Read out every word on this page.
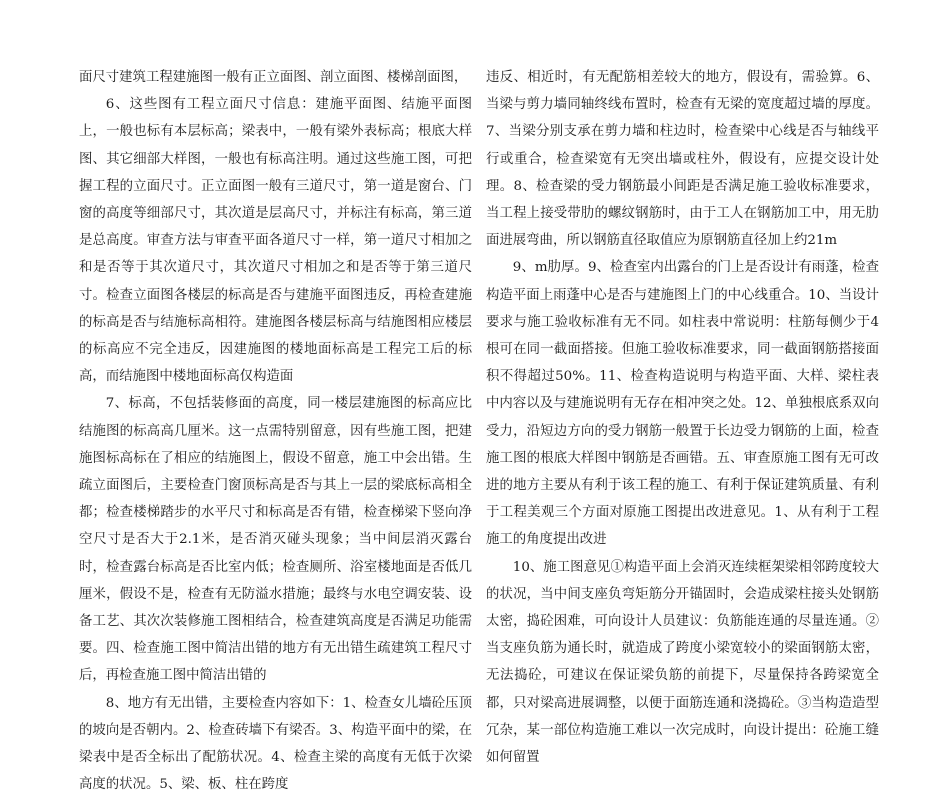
面尺寸建筑工程建施图一般有正立面图、剖立面图、楼梯剖面图，

6、这些图有工程立面尺寸信息：建施平面图、结施平面图上，一般也标有本层标高；梁表中，一般有梁外表标高；根底大样图、其它细部大样图，一般也有标高注明。通过这些施工图，可把握工程的立面尺寸。正立面图一般有三道尺寸，第一道是窗台、门窗的高度等细部尺寸，其次道是层高尺寸，并标注有标高，第三道是总高度。审查方法与审查平面各道尺寸一样，第一道尺寸相加之和是否等于其次道尺寸，其次道尺寸相加之和是否等于第三道尺寸。检查立面图各楼层的标高是否与建施平面图违反，再检查建施的标高是否与结施标高相符。建施图各楼层标高与结施图相应楼层的标高应不完全违反，因建施图的楼地面标高是工程完工后的标高，而结施图中楼地面标高仅构造面

7、标高，不包括装修面的高度，同一楼层建施图的标高应比结施图的标高高几厘米。这一点需特别留意，因有些施工图，把建施图标高标在了相应的结施图上，假设不留意，施工中会出错。生疏立面图后，主要检查门窗顶标高是否与其上一层的梁底标高相全都；检查楼梯踏步的水平尺寸和标高是否有错，检查梯梁下竖向净空尺寸是否大于2.1米，是否消灭碰头现象；当中间层消灭露台时，检查露台标高是否比室内低；检查厕所、浴室楼地面是否低几厘米，假设不是，检查有无防溢水措施；最终与水电空调安装、设备工艺、其次次装修施工图相结合，检查建筑高度是否满足功能需要。四、检查施工图中简洁出错的地方有无出错生疏建筑工程尺寸后，再检查施工图中简洁出错的

8、地方有无出错，主要检查内容如下：1、检查女儿墙砼压顶的坡向是否朝内。2、检查砖墙下有梁否。3、构造平面中的梁，在梁表中是否全标出了配筋状况。4、检查主梁的高度有无低于次梁高度的状况。5、梁、板、柱在跨度

违反、相近时，有无配筋相差较大的地方，假设有，需验算。6、当梁与剪力墙同轴终线布置时，检查有无梁的宽度超过墙的厚度。7、当梁分别支承在剪力墙和柱边时，检查梁中心线是否与轴线平行或重合，检查梁宽有无突出墙或柱外，假设有，应提交设计处理。8、检查梁的受力钢筋最小间距是否满足施工验收标准要求，当工程上接受带肋的螺纹钢筋时，由于工人在钢筋加工中，用无肋面进展弯曲，所以钢筋直径取值应为原钢筋直径加上约21m

9、m肋厚。9、检查室内出露台的门上是否设计有雨蓬，检查构造平面上雨蓬中心是否与建施图上门的中心线重合。10、当设计要求与施工验收标准有无不同。如柱表中常说明：柱筋每侧少于4根可在同一截面搭接。但施工验收标准要求，同一截面钢筋搭接面积不得超过50%。11、检查构造说明与构造平面、大样、梁柱表中内容以及与建施说明有无存在相冲突之处。12、单独根底系双向受力，沿短边方向的受力钢筋一般置于长边受力钢筋的上面，检查施工图的根底大样图中钢筋是否画错。五、审查原施工图有无可改进的地方主要从有利于该工程的施工、有利于保证建筑质量、有利于工程美观三个方面对原施工图提出改进意见。1、从有利于工程施工的角度提出改进

10、施工图意见①构造平面上会消灭连续框架梁相邻跨度较大的状况，当中间支座负弯矩筋分开锚固时，会造成梁柱接头处钢筋太密，捣砼困难，可向设计人员建议：负筋能连通的尽量连通。②当支座负筋为通长时，就造成了跨度小梁宽较小的梁面钢筋太密，无法捣砼，可建议在保证梁负筋的前提下，尽量保持各跨梁宽全都，只对梁高进展调整，以便于面筋连通和浇捣砼。③当构造造型冗杂，某一部位构造施工难以一次完成时，向设计提出：砼施工缝如何留置
